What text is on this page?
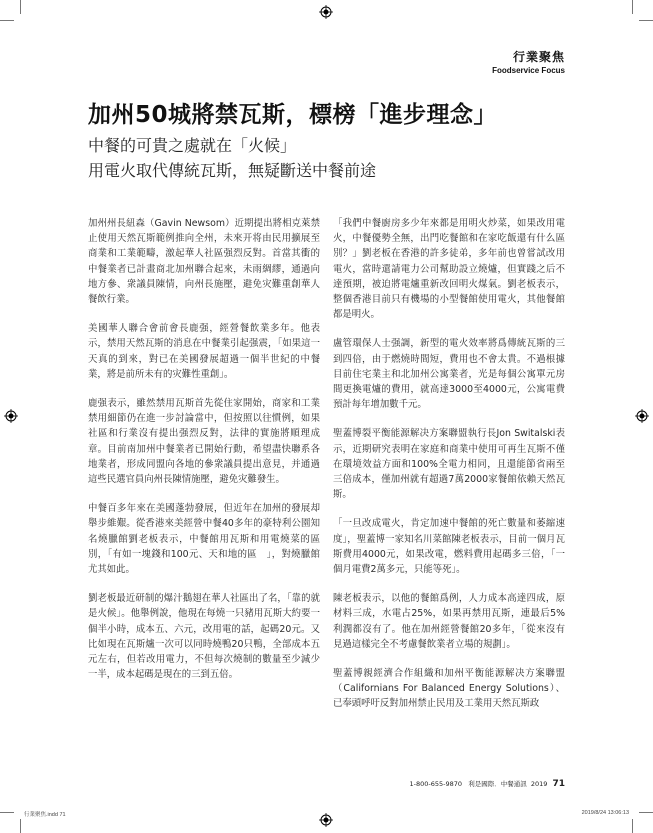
行業聚焦
Foodservice Focus
加州50城將禁瓦斯，標榜「進步理念」
中餐的可貴之處就在「火候」
用電火取代傳統瓦斯，無疑斷送中餐前途

加州州長紐森（Gavin Newsom）近期提出將相克萊禁止使用天然瓦斯範例推向全州，未來开将由民用擴展至商業和工業範疇，激起華人社區强烈反對。首當其衝的中餐業者已計畫商北加州聯合起來，未雨綢繆，通過向地方參、衆議員陳情，向州長施壓，避免灾難重創華人餐飲行業。

美國華人聯合會前會長鹿强，經營餐飲業多年。他表示，禁用天然瓦斯的消息在中餐業引起强震，「如果這一天真的到來，對已在美國發展超過一個半世紀的中餐業，將是前所未有的灾難性重創」。

鹿强表示，雖然禁用瓦斯首先從住家開始，商家和工業禁用細節仍在進一步討論當中，但按照以往慣例，如果社區和行業沒有提出强烈反對，法律的實施將順理成章。目前南加州中餐業者已開始行動，希望盡快聯系各地業者，形成同盟向各地的參衆議員提出意見，并通過這些民選官員向州長陳情施壓，避免灾難發生。

中餐百多年來在美國蓬勃發展，但近年在加州的發展却舉步維艱。從香港來美經營中餐40多年的豪特利公園知名燒臘館劉老板表示，中餐館用瓦斯和用電燒菜的區別，「有如一塊錢和100元、天和地的區　」，對燒臘館尤其如此。

劉老板最近研制的爆汁鵝翅在華人社區出了名，「靠的就是火候」。他舉例說，他現在每燒一只豬用瓦斯大約要一個半小時，成本五、六元，改用電的話，起碼20元。又比如現在瓦斯爐一次可以同時燒鴨20只鴨，全部成本五元左右，但若改用電力，不但每次燒制的數量至少減少一半，成本起碼是現在的三到五倍。

「我們中餐廚房多少年來都是用明火炒菜，如果改用電火，中餐優勢全無，出門吃餐館和在家吃飯還有什么區別？」劉老板在香港的許多徒弟，多年前也曾嘗試改用電火，當時還請電力公司幫助設立燒爐，但實踐之后不達預期，被迫將電爐重新改回明火煤氣。劉老板表示，整個香港目前只有機場的小型餐館使用電火，其他餐館都是明火。

盧管環保人士强調，新型的電火效率將爲傳統瓦斯的三到四倍，由于燃燒時間短，費用也不會太貴。不過根據目前住宅業主和北加州公寓業者，光是每個公寓單元房間更換電爐的費用，就高達3000至4000元，公寓電費預計每年增加數千元。

聖蓋博裂平衡能源解决方案聯盟執行長Jon Switalski表示，近期研究表明在家庭和商業中使用可再生瓦斯不僅在環境效益方面和100%全電力相同，且還能節省兩至三倍成本，僅加州就有超過7萬2000家餐館依賴天然瓦斯。

「一旦改成電火，肯定加速中餐館的死亡數量和萎縮速度」，聖蓋博一家知名川菜館陳老板表示，目前一個月瓦斯費用4000元，如果改電，燃料費用起碼多三倍，「一個月電費2萬多元，只能等死」。

陳老板表示，以他的餐館爲例，人力成本高達四成，原材料三成，水電占25%，如果再禁用瓦斯，連最后5%利潤都沒有了。他在加州經營餐館20多年，「從來沒有見過這樣完全不考慮餐飲業者立場的規劃」。

聖蓋博親經濟合作組織和加州平衡能源解决方案聯盟（Californians For Balanced Energy Solutions）、已奉頭呼吁反對加州禁止民用及工業用天然瓦斯政

1-800-655-9870 利是國際．中餐通訊 2019 71
行業聚焦.indd 71	2019/8/24 13:06:13
